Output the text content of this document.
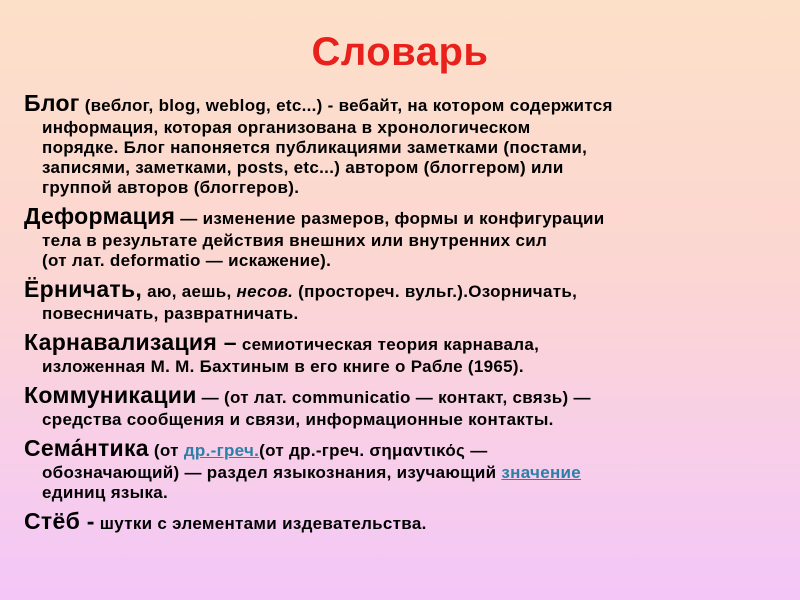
Словарь

Блог (веблог, blog, weblog, etc...) - вебайт, на котором содержится

информация, которая организована в хронологическом

порядке. Блог напоняется публикациями заметками (постами,

записями, заметками, posts, etc...) автором (блоггером) или

группой авторов (блоггеров).

Деформация — изменение размеров, формы и конфигурации

тела в результате действия внешних или внутренних сил

(от лат. deformatio — искажение).

Ёрничать, аю, аешь, несов. (простореч. вульг.).Озорничать,

повесничать, развратничать.

Карнавализация – семиотическая теория карнавала,

изложенная М. М. Бахтиным в его книге о Рабле (1965).

Коммуникации — (от лат. communicatio — контакт, связь) —

средства сообщения и связи, информационные контакты.

Сема́нтика (от др.-греч.(от др.-греч. σημαντικός —

обозначающий) — раздел языкознания, изучающий значение

единиц языка.

Стёб - шутки с элементами издевательства.
